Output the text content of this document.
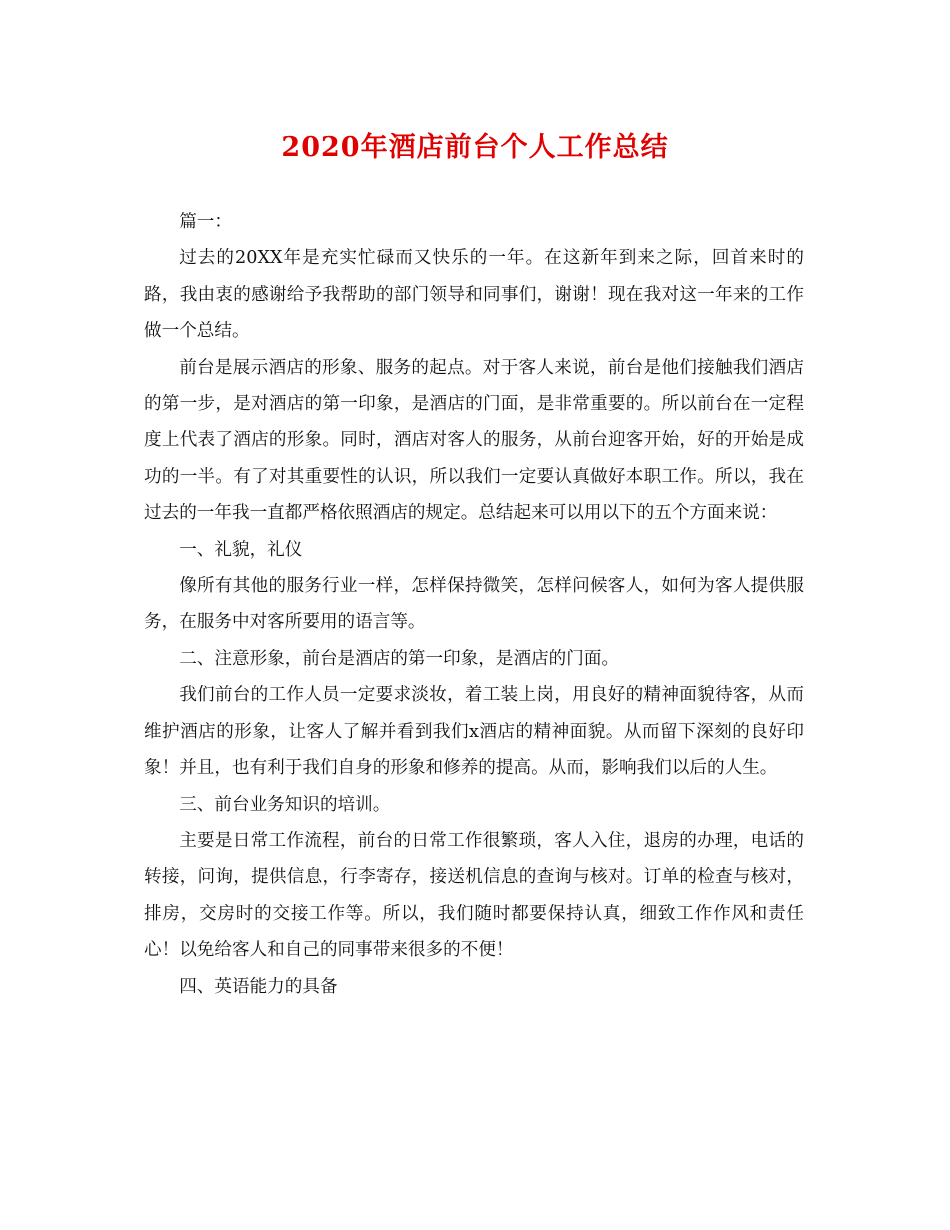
2020年酒店前台个人工作总结

篇一：

过去的20XX年是充实忙碌而又快乐的一年。在这新年到来之际，回首来时的路，我由衷的感谢给予我帮助的部门领导和同事们，谢谢！现在我对这一年来的工作做一个总结。

前台是展示酒店的形象、服务的起点。对于客人来说，前台是他们接触我们酒店的第一步，是对酒店的第一印象，是酒店的门面，是非常重要的。所以前台在一定程度上代表了酒店的形象。同时，酒店对客人的服务，从前台迎客开始，好的开始是成功的一半。有了对其重要性的认识，所以我们一定要认真做好本职工作。所以，我在过去的一年我一直都严格依照酒店的规定。总结起来可以用以下的五个方面来说：

一、礼貌，礼仪

像所有其他的服务行业一样，怎样保持微笑，怎样问候客人，如何为客人提供服务，在服务中对客所要用的语言等。

二、注意形象，前台是酒店的第一印象，是酒店的门面。

我们前台的工作人员一定要求淡妆，着工装上岗，用良好的精神面貌待客，从而维护酒店的形象，让客人了解并看到我们x酒店的精神面貌。从而留下深刻的良好印象！并且，也有利于我们自身的形象和修养的提高。从而，影响我们以后的人生。

三、前台业务知识的培训。

主要是日常工作流程，前台的日常工作很繁琐，客人入住，退房的办理，电话的转接，问询，提供信息，行李寄存，接送机信息的查询与核对。订单的检查与核对，排房，交房时的交接工作等。所以，我们随时都要保持认真，细致工作作风和责任心！以免给客人和自己的同事带来很多的不便！

四、英语能力的具备
